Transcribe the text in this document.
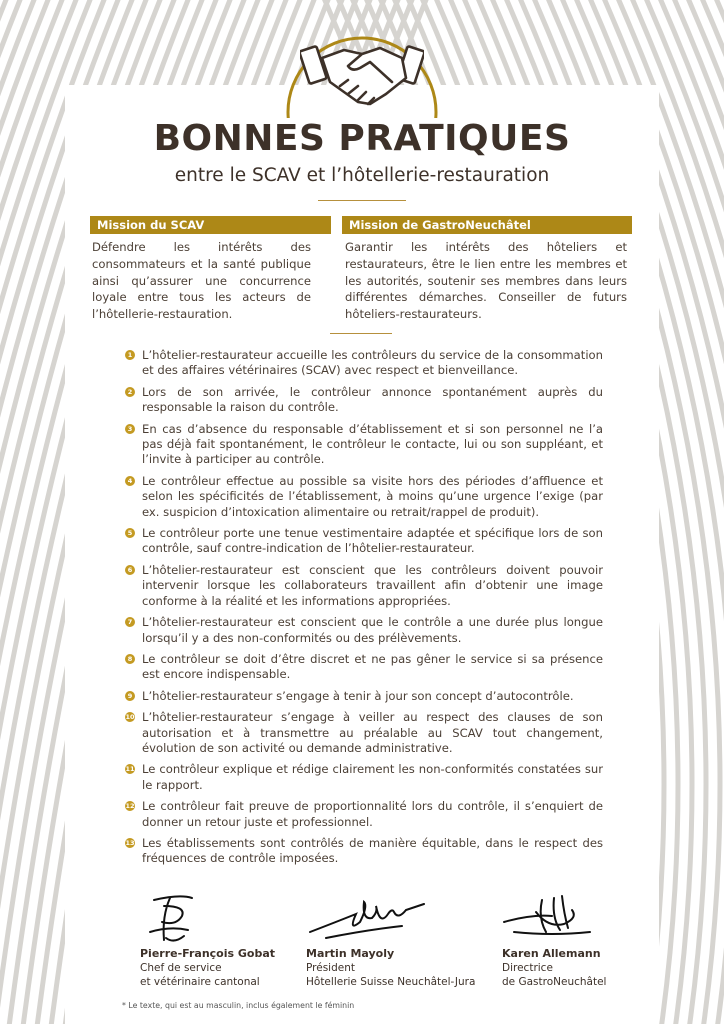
BONNES PRATIQUES
entre le SCAV et l’hôtellerie-restauration
Mission du SCAV
Défendre les intérêts des consommateurs et la santé publique ainsi qu’assurer une concurrence loyale entre tous les acteurs de l’hôtellerie-restauration.
Mission de GastroNeuchâtel
Garantir les intérêts des hôteliers et restaurateurs, être le lien entre les membres et les autorités, soutenir ses membres dans leurs différentes démarches. Conseiller de futurs hôteliers-restaurateurs.
1 L’hôtelier-restaurateur accueille les contrôleurs du service de la consommation et des affaires vétérinaires (SCAV) avec respect et bienveillance.
2 Lors de son arrivée, le contrôleur annonce spontanément auprès du responsable la raison du contrôle.
3 En cas d’absence du responsable d’établissement et si son personnel ne l’a pas déjà fait spontanément, le contrôleur le contacte, lui ou son suppléant, et l’invite à participer au contrôle.
4 Le contrôleur effectue au possible sa visite hors des périodes d’affluence et selon les spécificités de l’établissement, à moins qu’une urgence l’exige (par ex. suspicion d’intoxication alimentaire ou retrait/rappel de produit).
5 Le contrôleur porte une tenue vestimentaire adaptée et spécifique lors de son contrôle, sauf contre-indication de l’hôtelier-restaurateur.
6 L’hôtelier-restaurateur est conscient que les contrôleurs doivent pouvoir intervenir lorsque les collaborateurs travaillent afin d’obtenir une image conforme à la réalité et les informations appropriées.
7 L’hôtelier-restaurateur est conscient que le contrôle a une durée plus longue lorsqu’il y a des non-conformités ou des prélèvements.
8 Le contrôleur se doit d’être discret et ne pas gêner le service si sa présence est encore indispensable.
9 L’hôtelier-restaurateur s’engage à tenir à jour son concept d’autocontrôle.
10 L’hôtelier-restaurateur s’engage à veiller au respect des clauses de son autorisation et à transmettre au préalable au SCAV tout changement, évolution de son activité ou demande administrative.
11 Le contrôleur explique et rédige clairement les non-conformités constatées sur le rapport.
12 Le contrôleur fait preuve de proportionnalité lors du contrôle, il s’enquiert de donner un retour juste et professionnel.
13 Les établissements sont contrôlés de manière équitable, dans le respect des fréquences de contrôle imposées.
Pierre-François Gobat
Chef de service
et vétérinaire cantonal
Martin Mayoly
Président
Hôtellerie Suisse Neuchâtel-Jura
Karen Allemann
Directrice
de GastroNeuchâtel
* Le texte, qui est au masculin, inclus également le féminin
